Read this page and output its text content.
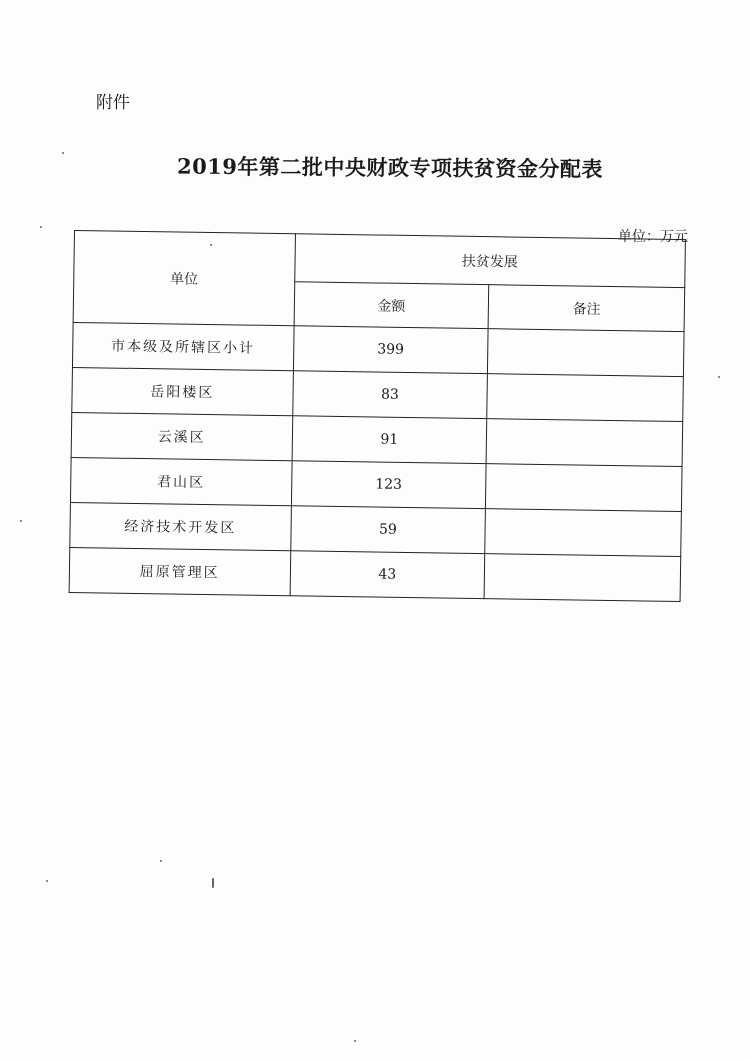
附件
2019年第二批中央财政专项扶贫资金分配表
单位：万元
单位	扶贫发展	
	金额	备注
市本级及所辖区小计	399	
岳阳楼区	83	
云溪区	91	
君山区	123	
经济技术开发区	59	
屈原管理区	43	
